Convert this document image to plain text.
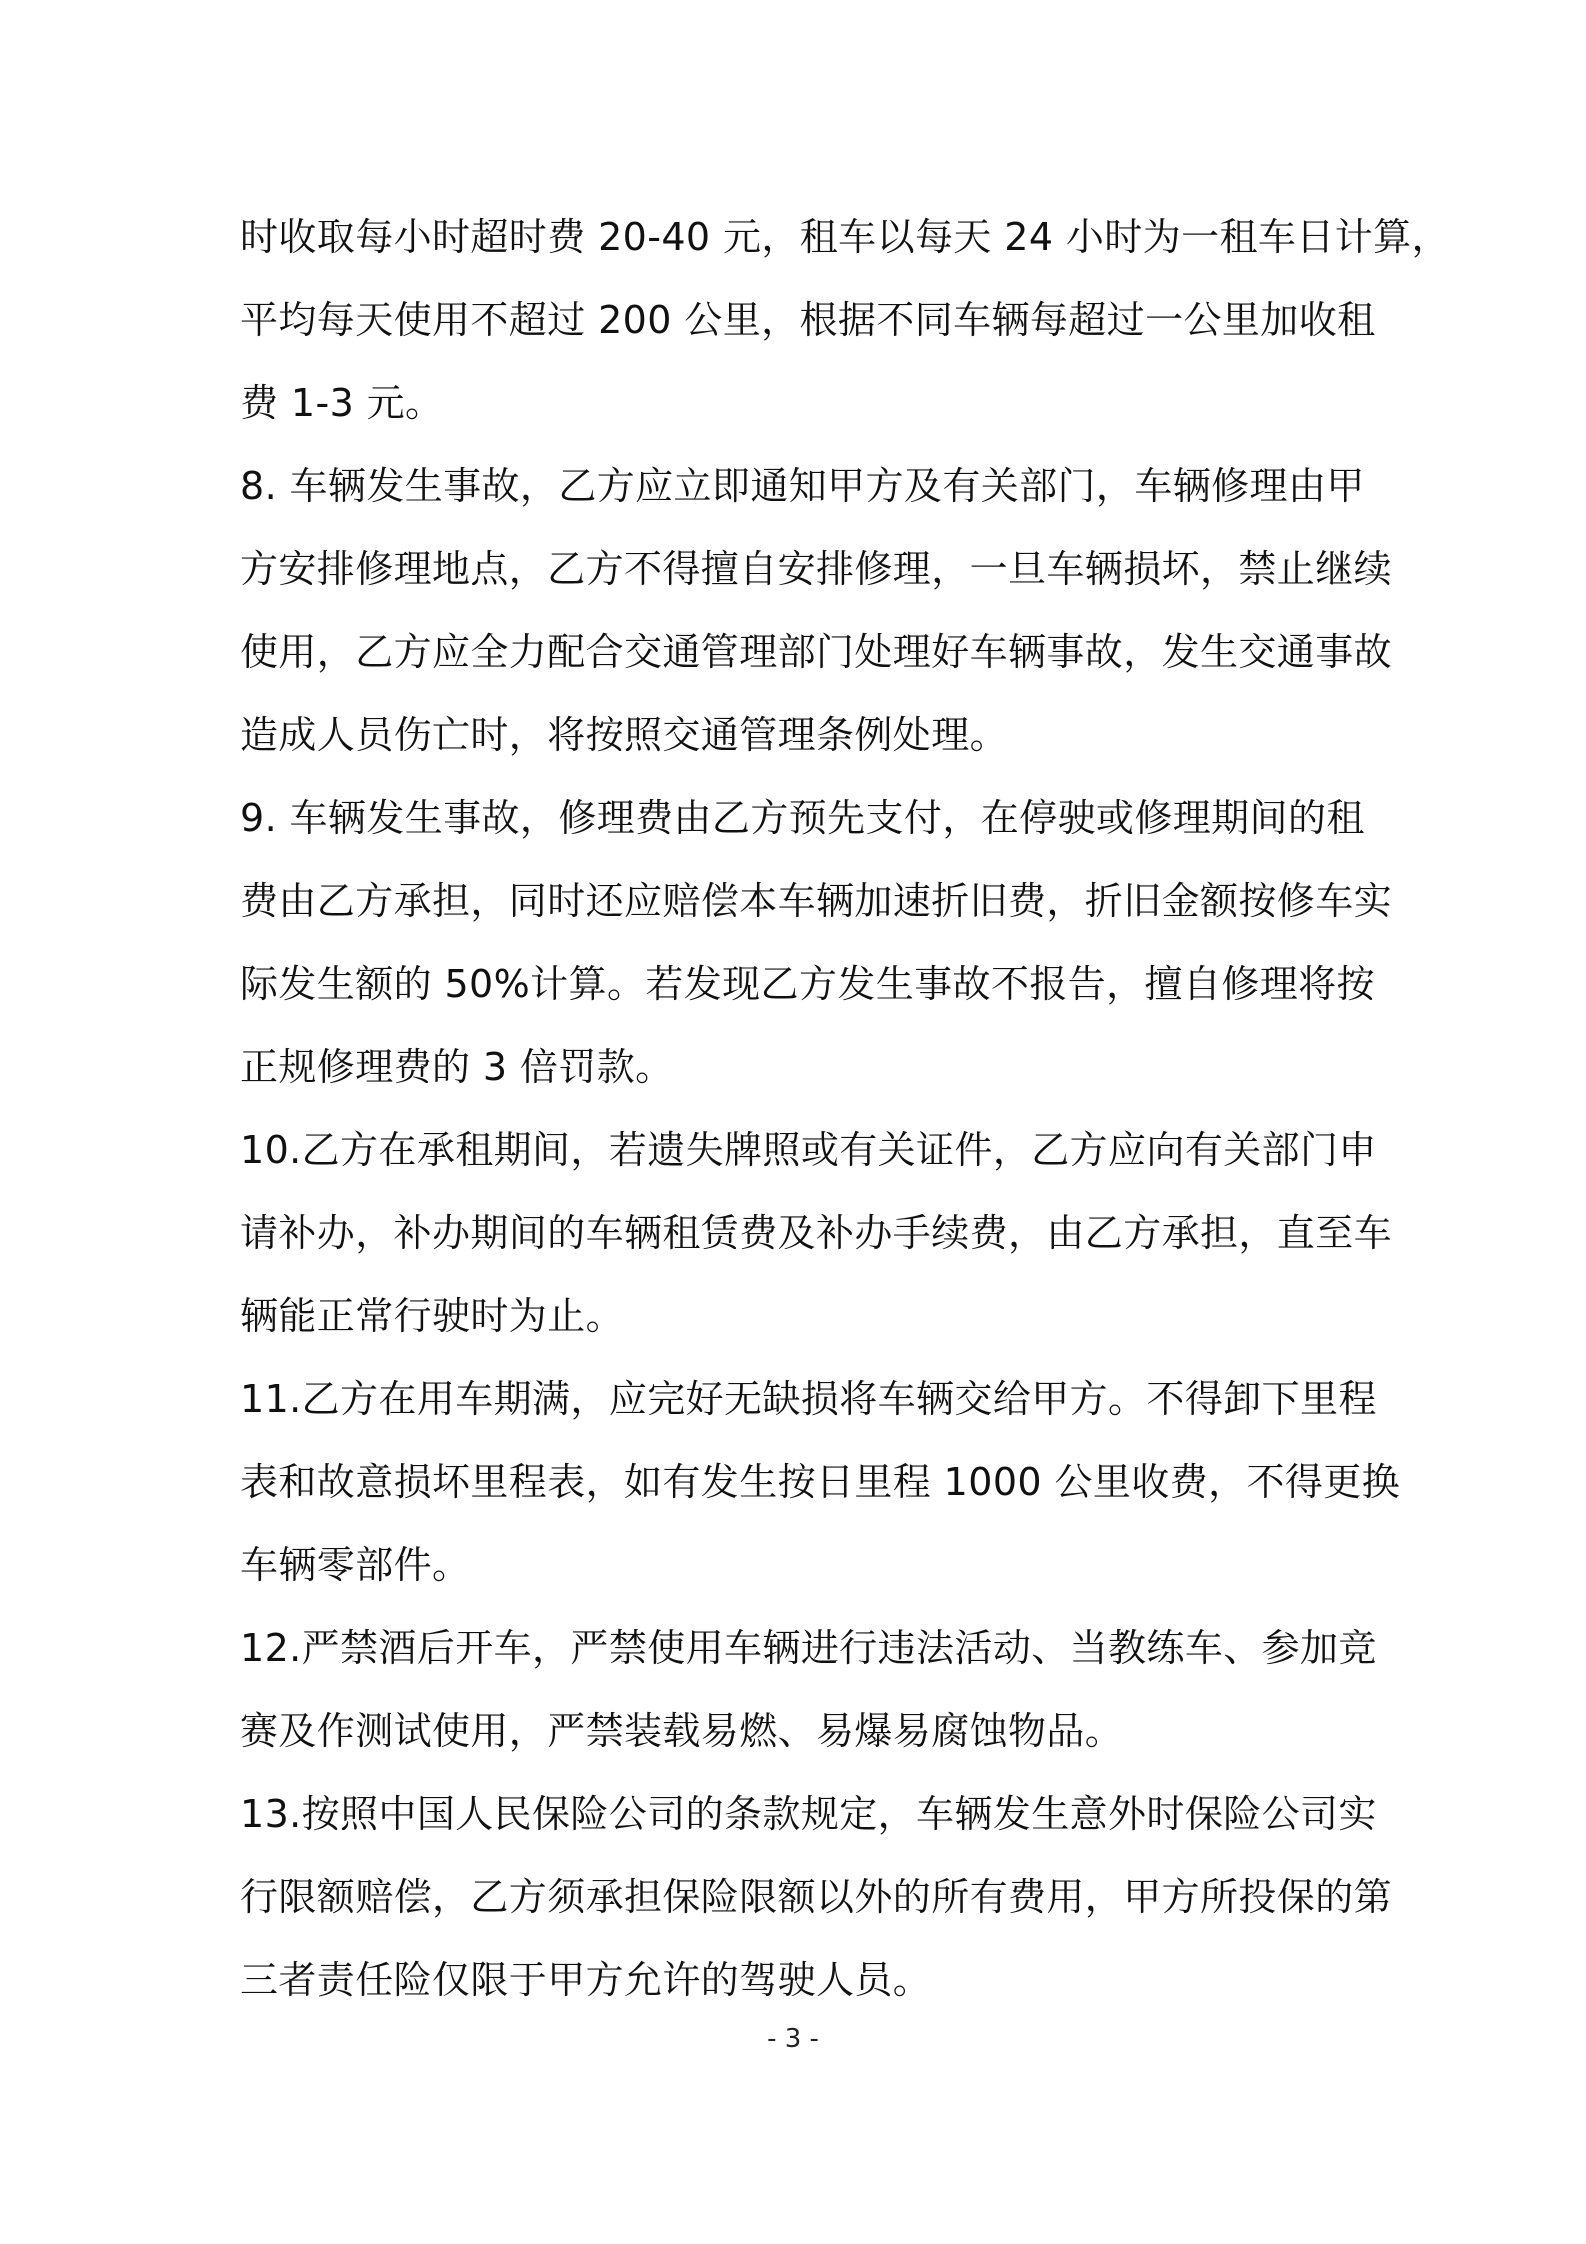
时收取每小时超时费 20-40 元，租车以每天 24 小时为一租车日计算，
平均每天使用不超过 200 公里，根据不同车辆每超过一公里加收租
费 1-3 元。
8. 车辆发生事故，乙方应立即通知甲方及有关部门，车辆修理由甲
方安排修理地点，乙方不得擅自安排修理，一旦车辆损坏，禁止继续
使用，乙方应全力配合交通管理部门处理好车辆事故，发生交通事故
造成人员伤亡时，将按照交通管理条例处理。
9. 车辆发生事故，修理费由乙方预先支付，在停驶或修理期间的租
费由乙方承担，同时还应赔偿本车辆加速折旧费，折旧金额按修车实
际发生额的 50%计算。若发现乙方发生事故不报告，擅自修理将按
正规修理费的 3 倍罚款。
10.乙方在承租期间，若遗失牌照或有关证件，乙方应向有关部门申
请补办，补办期间的车辆租赁费及补办手续费，由乙方承担，直至车
辆能正常行驶时为止。
11.乙方在用车期满，应完好无缺损将车辆交给甲方。不得卸下里程
表和故意损坏里程表，如有发生按日里程 1000 公里收费，不得更换
车辆零部件。
12.严禁酒后开车，严禁使用车辆进行违法活动、当教练车、参加竞
赛及作测试使用，严禁装载易燃、易爆易腐蚀物品。
13.按照中国人民保险公司的条款规定，车辆发生意外时保险公司实
行限额赔偿，乙方须承担保险限额以外的所有费用，甲方所投保的第
三者责任险仅限于甲方允许的驾驶人员。
- 3 -
